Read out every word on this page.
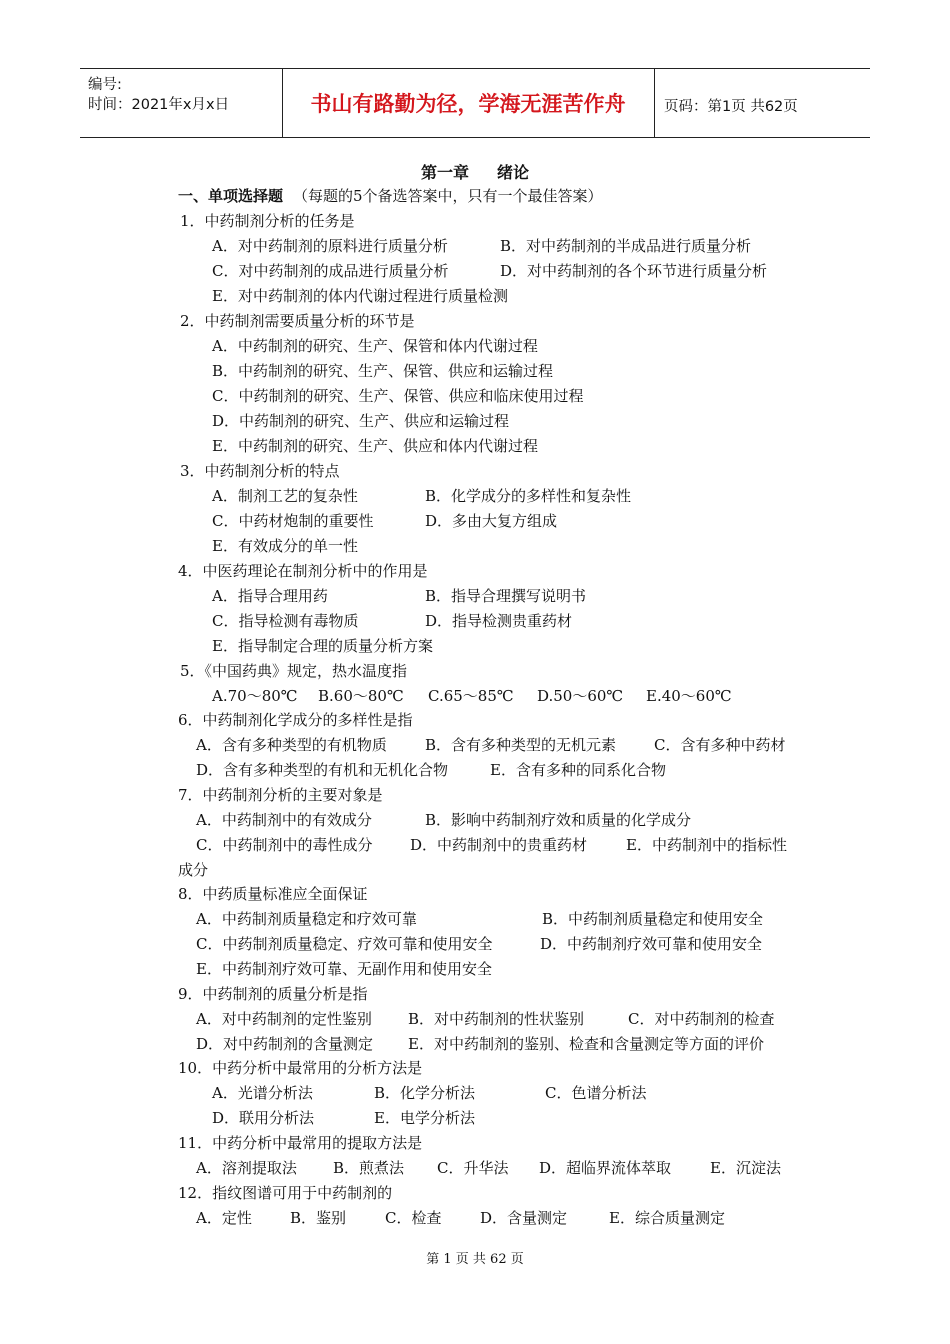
编号:
时间：2021年x月x日	书山有路勤为径，学海无涯苦作舟	页码：第1页 共62页
第一章 绪论
一、单项选择题 （每题的5个备选答案中，只有一个最佳答案）
1．中药制剂分析的任务是
A．对中药制剂的原料进行质量分析	B．对中药制剂的半成品进行质量分析
C．对中药制剂的成品进行质量分析	D．对中药制剂的各个环节进行质量分析
E．对中药制剂的体内代谢过程进行质量检测
2．中药制剂需要质量分析的环节是
A．中药制剂的研究、生产、保管和体内代谢过程
B．中药制剂的研究、生产、保管、供应和运输过程
C．中药制剂的研究、生产、保管、供应和临床使用过程
D．中药制剂的研究、生产、供应和运输过程
E．中药制剂的研究、生产、供应和体内代谢过程
3．中药制剂分析的特点
A．制剂工艺的复杂性	B．化学成分的多样性和复杂性
C．中药材炮制的重要性	D．多由大复方组成
E．有效成分的单一性
4．中医药理论在制剂分析中的作用是
A．指导合理用药	B．指导合理撰写说明书
C．指导检测有毒物质	D．指导检测贵重药材
E．指导制定合理的质量分析方案
5．《中国药典》规定，热水温度指
A.70～80℃ B.60～80℃ C.65～85℃ D.50～60℃ E.40～60℃
6．中药制剂化学成分的多样性是指
A．含有多种类型的有机物质	B．含有多种类型的无机元素	C．含有多种中药材
D．含有多种类型的有机和无机化合物	E．含有多种的同系化合物
7．中药制剂分析的主要对象是
A．中药制剂中的有效成分	B．影响中药制剂疗效和质量的化学成分
C．中药制剂中的毒性成分	D．中药制剂中的贵重药材	E．中药制剂中的指标性
成分
8．中药质量标准应全面保证
A．中药制剂质量稳定和疗效可靠	B．中药制剂质量稳定和使用安全
C．中药制剂质量稳定、疗效可靠和使用安全	D．中药制剂疗效可靠和使用安全
E．中药制剂疗效可靠、无副作用和使用安全
9．中药制剂的质量分析是指
A．对中药制剂的定性鉴别 B．对中药制剂的性状鉴别	C．对中药制剂的检查
D．对中药制剂的含量测定 E．对中药制剂的鉴别、检查和含量测定等方面的评价
10．中药分析中最常用的分析方法是
A．光谱分析法	B．化学分析法	C．色谱分析法
D．联用分析法	E．电学分析法
11．中药分析中最常用的提取方法是
A．溶剂提取法 B．煎煮法 C．升华法 D．超临界流体萃取	E．沉淀法
12．指纹图谱可用于中药制剂的
A．定性	B．鉴别	C．检查	D．含量测定	E．综合质量测定
第 1 页 共 62 页
